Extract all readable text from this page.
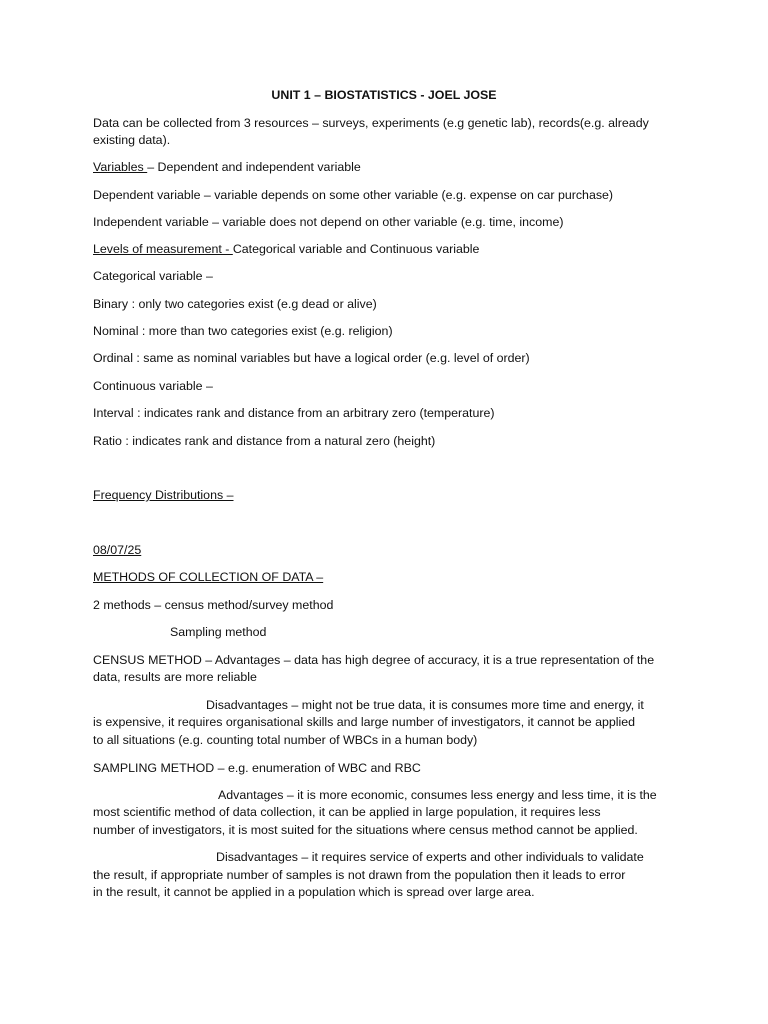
UNIT 1 – BIOSTATISTICS - JOEL JOSE
Data can be collected from 3 resources – surveys, experiments (e.g genetic lab), records(e.g. already
existing data).
Variables – Dependent and independent variable
Dependent variable – variable depends on some other variable (e.g. expense on car purchase)
Independent variable – variable does not depend on other variable (e.g. time, income)
Levels of measurement - Categorical variable and Continuous variable
Categorical variable –
Binary : only two categories exist (e.g dead or alive)
Nominal : more than two categories exist (e.g. religion)
Ordinal : same as nominal variables but have a logical order (e.g. level of order)
Continuous variable –
Interval : indicates rank and distance from an arbitrary zero (temperature)
Ratio : indicates rank and distance from a natural zero (height)
Frequency Distributions –
08/07/25
METHODS OF COLLECTION OF DATA –
2 methods – census method/survey method
Sampling method
CENSUS METHOD – Advantages – data has high degree of accuracy, it is a true representation of the
data, results are more reliable
Disadvantages – might not be true data, it is consumes more time and energy, it
is expensive, it requires organisational skills and large number of investigators, it cannot be applied
to all situations (e.g. counting total number of WBCs in a human body)
SAMPLING METHOD – e.g. enumeration of WBC and RBC
Advantages – it is more economic, consumes less energy and less time, it is the
most scientific method of data collection, it can be applied in large population, it requires less
number of investigators, it is most suited for the situations where census method cannot be applied.
Disadvantages – it requires service of experts and other individuals to validate
the result, if appropriate number of samples is not drawn from the population then it leads to error
in the result, it cannot be applied in a population which is spread over large area.
